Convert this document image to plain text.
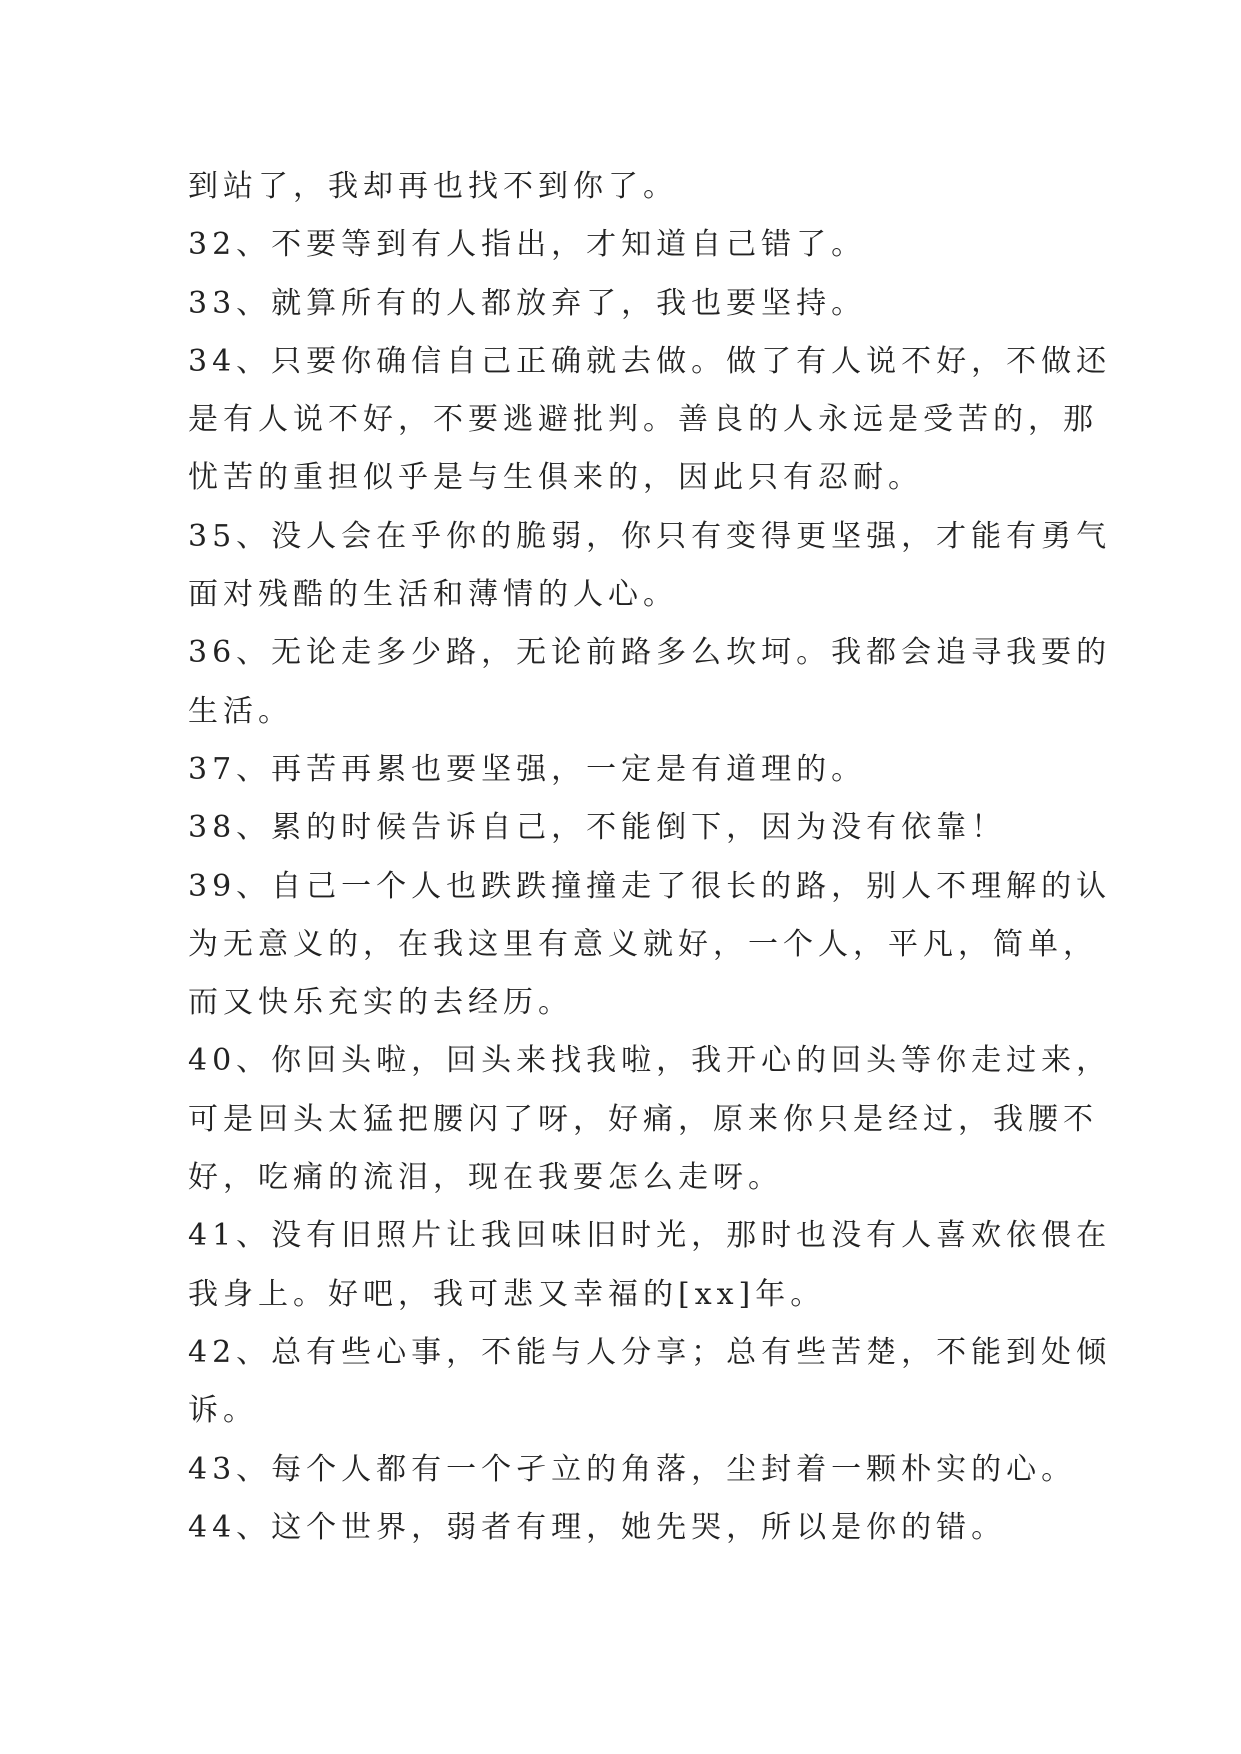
到站了，我却再也找不到你了。
32、不要等到有人指出，才知道自己错了。
33、就算所有的人都放弃了，我也要坚持。
34、只要你确信自己正确就去做。做了有人说不好，不做还
是有人说不好，不要逃避批判。善良的人永远是受苦的，那
忧苦的重担似乎是与生俱来的，因此只有忍耐。
35、没人会在乎你的脆弱，你只有变得更坚强，才能有勇气
面对残酷的生活和薄情的人心。
36、无论走多少路，无论前路多么坎坷。我都会追寻我要的
生活。
37、再苦再累也要坚强，一定是有道理的。
38、累的时候告诉自己，不能倒下，因为没有依靠！
39、自己一个人也跌跌撞撞走了很长的路，别人不理解的认
为无意义的，在我这里有意义就好，一个人，平凡，简单，
而又快乐充实的去经历。
40、你回头啦，回头来找我啦，我开心的回头等你走过来，
可是回头太猛把腰闪了呀，好痛，原来你只是经过，我腰不
好，吃痛的流泪，现在我要怎么走呀。
41、没有旧照片让我回味旧时光，那时也没有人喜欢依偎在
我身上。好吧，我可悲又幸福的[xx]年。
42、总有些心事，不能与人分享；总有些苦楚，不能到处倾
诉。
43、每个人都有一个孑立的角落，尘封着一颗朴实的心。
44、这个世界，弱者有理，她先哭，所以是你的错。
